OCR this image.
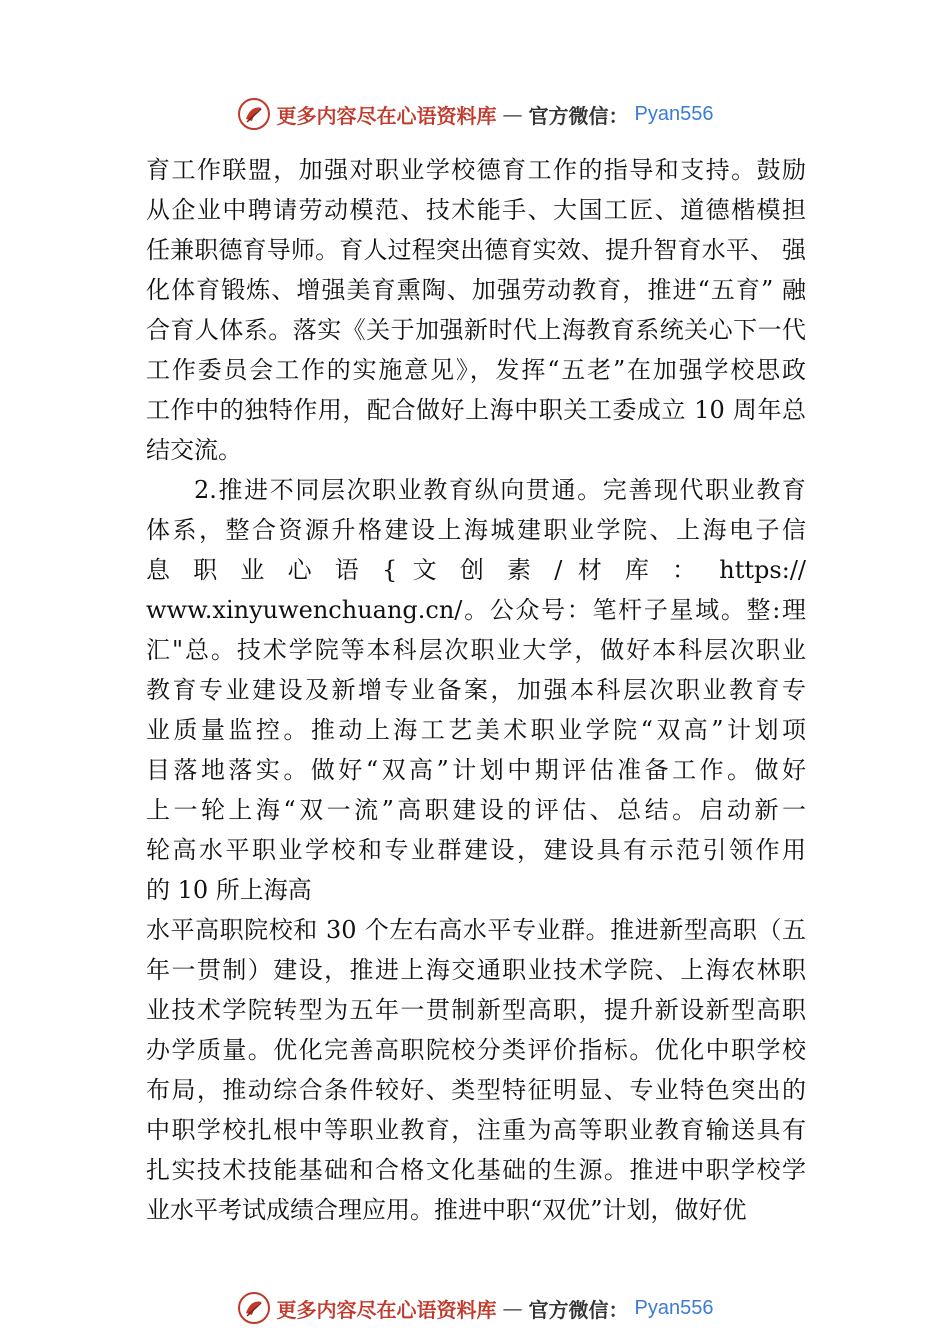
更多内容尽在心语资料库 — 官方微信： Pyan556
育工作联盟，加强对职业学校德育工作的指导和支持。鼓励
从企业中聘请劳动模范、技术能手、大国工匠、道德楷模担
任兼职德育导师。育人过程突出德育实效、提升智育水平、 强
化体育锻炼、增强美育熏陶、加强劳动教育，推进“五育” 融
合育人体系。落实《关于加强新时代上海教育系统关心下一代
工作委员会工作的实施意见》，发挥“五老”在加强学校思政
工作中的独特作用，配合做好上海中职关工委成立 10 周年总
结交流。
2.推进不同层次职业教育纵向贯通。完善现代职业教育
体系，整合资源升格建设上海城建职业学院、上海电子信
息 职 业 心 语 { 文 创 素 / 材 库 ： https://
www.xinyuwenchuang.cn/。公众号：笔杆子星域。整:理
汇"总。技术学院等本科层次职业大学，做好本科层次职业
教育专业建设及新增专业备案，加强本科层次职业教育专
业质量监控。推动上海工艺美术职业学院“双高”计划项
目落地落实。做好“双高”计划中期评估准备工作。做好
上一轮上海“双一流”高职建设的评估、总结。启动新一
轮高水平职业学校和专业群建设，建设具有示范引领作用
的 10 所上海高
水平高职院校和 30 个左右高水平专业群。推进新型高职（五
年一贯制）建设，推进上海交通职业技术学院、上海农林职
业技术学院转型为五年一贯制新型高职，提升新设新型高职
办学质量。优化完善高职院校分类评价指标。优化中职学校
布局，推动综合条件较好、类型特征明显、专业特色突出的
中职学校扎根中等职业教育，注重为高等职业教育输送具有
扎实技术技能基础和合格文化基础的生源。推进中职学校学
业水平考试成绩合理应用。推进中职“双优”计划，做好优
更多内容尽在心语资料库 — 官方微信： Pyan556
